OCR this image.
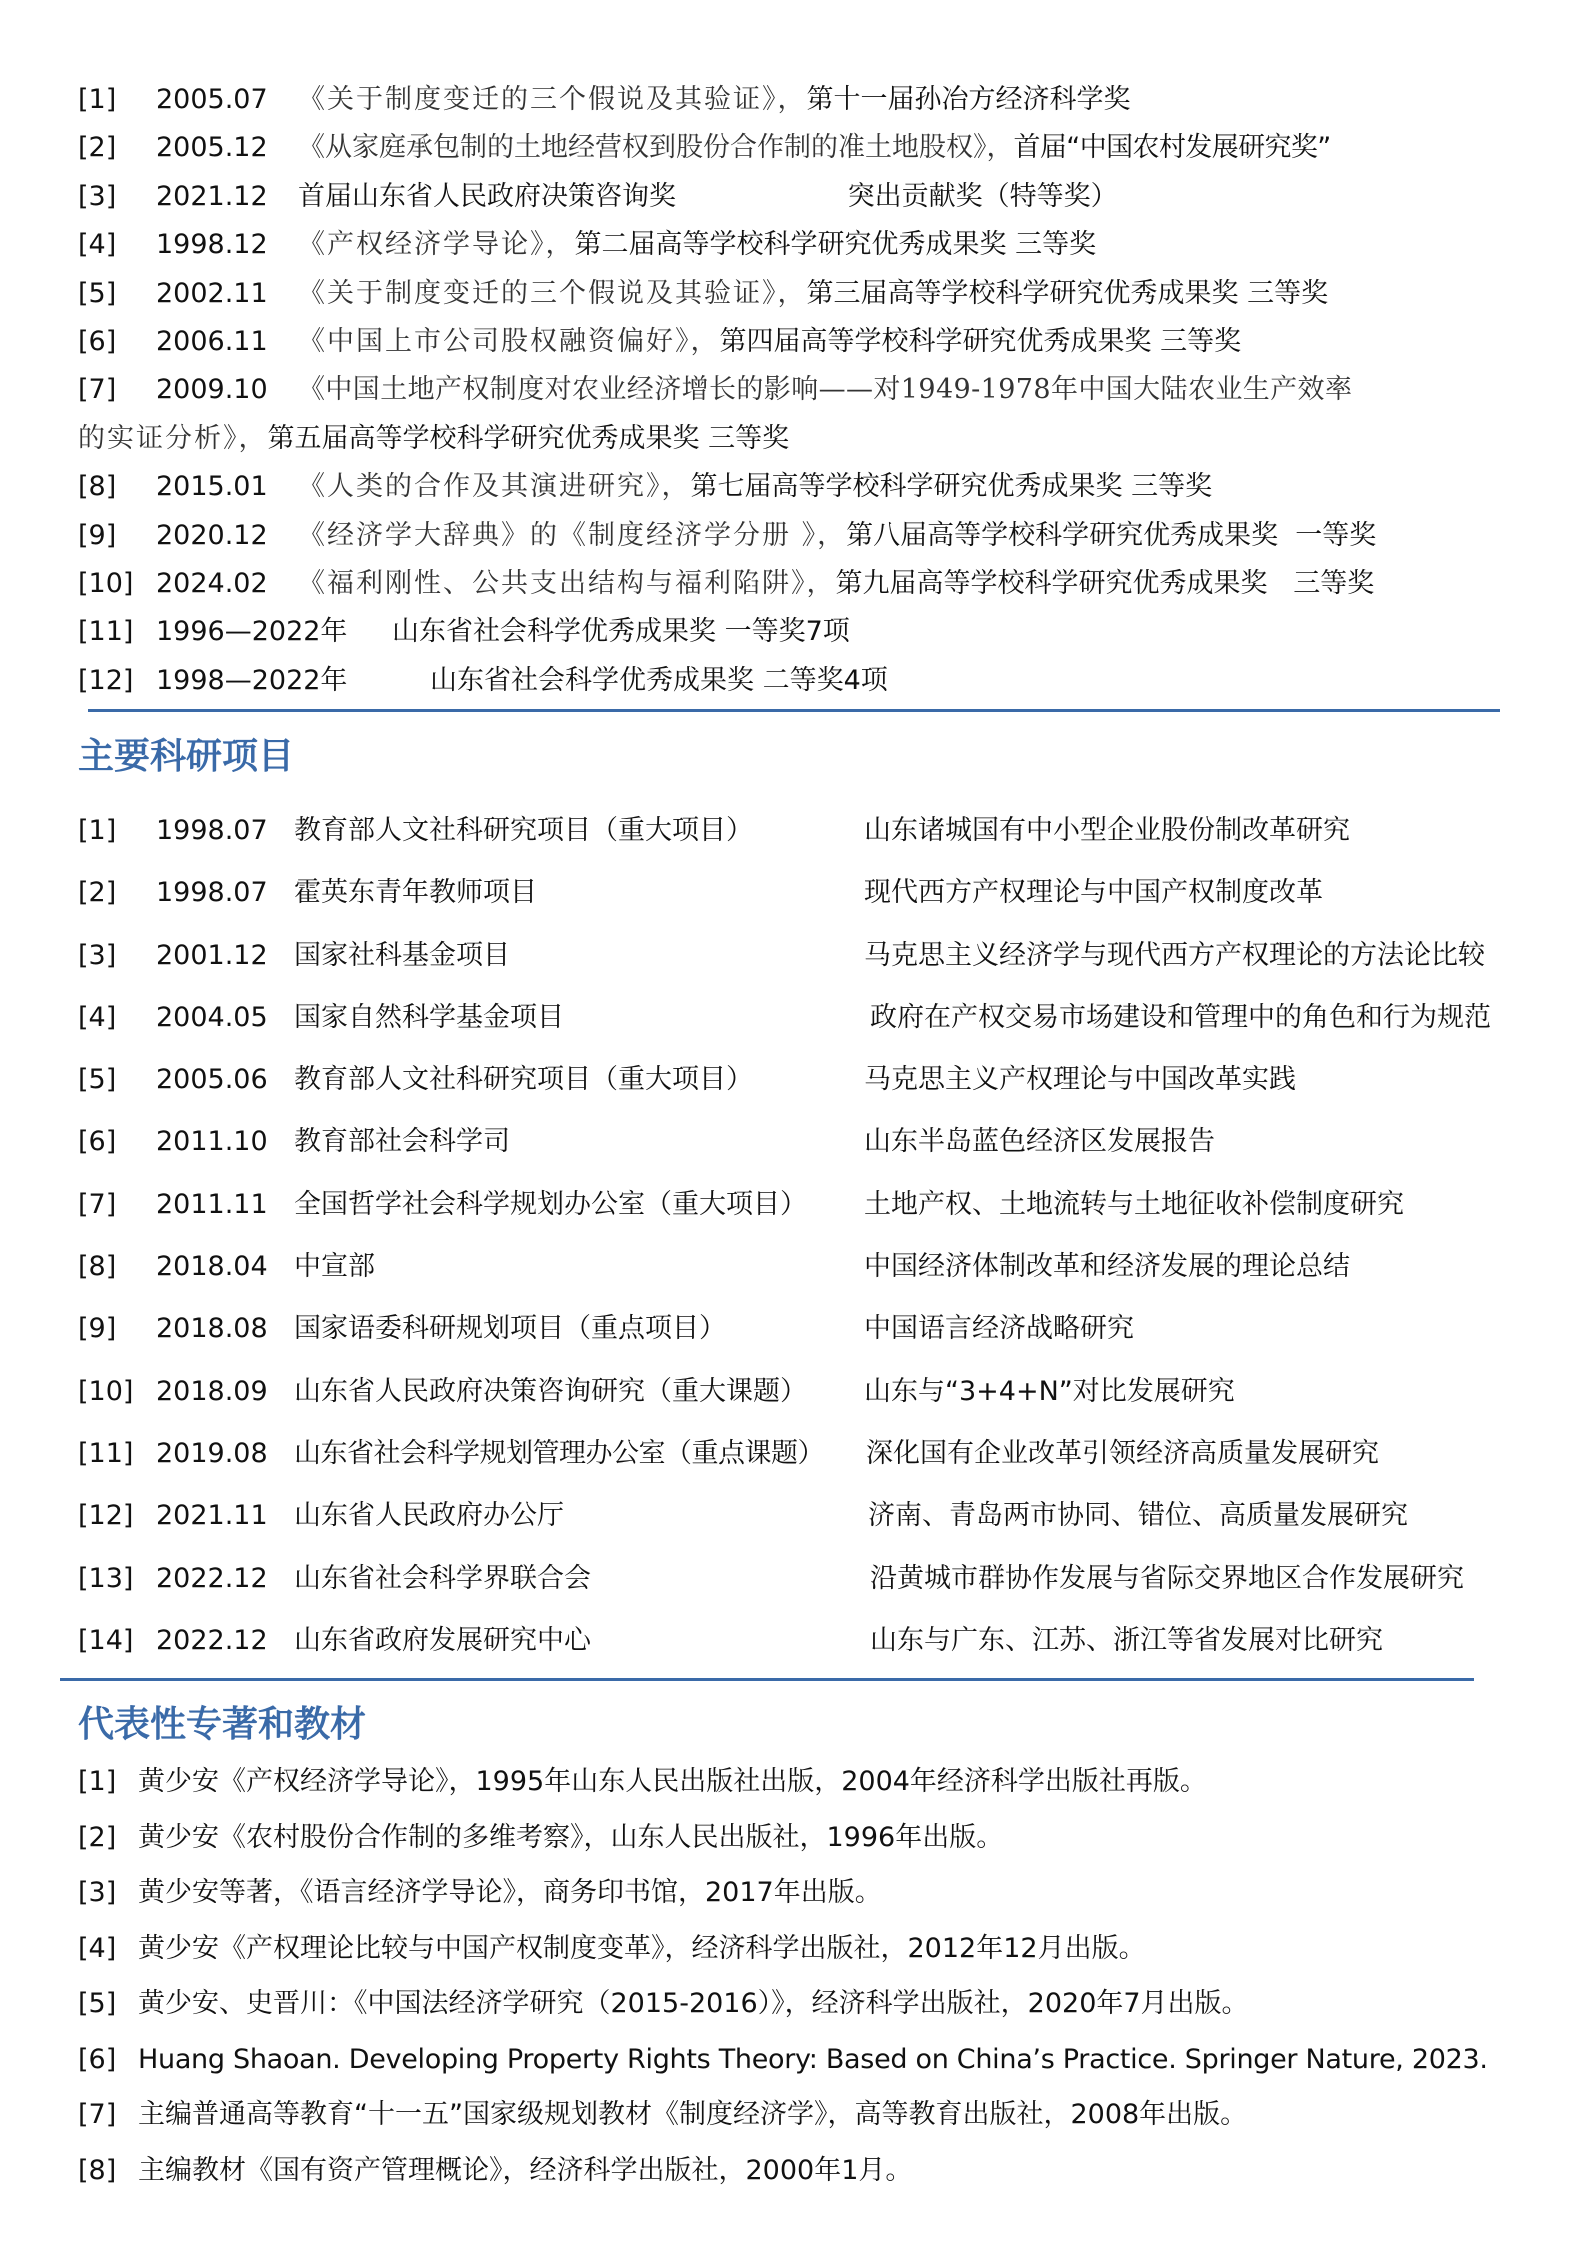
[1] 2005.07 《关于制度变迁的三个假说及其验证》，第十一届孙冶方经济科学奖
[2] 2005.12 《从家庭承包制的土地经营权到股份合作制的准土地股权》，首届“中国农村发展研究奖”
[3] 2021.12 首届山东省人民政府决策咨询奖                    突出贡献奖（特等奖）
[4] 1998.12 《产权经济学导论》，第二届高等学校科学研究优秀成果奖 三等奖
[5] 2002.11 《关于制度变迁的三个假说及其验证》，第三届高等学校科学研究优秀成果奖 三等奖
[6] 2006.11 《中国上市公司股权融资偏好》，第四届高等学校科学研究优秀成果奖 三等奖
[7] 2009.10 《中国土地产权制度对农业经济增长的影响——对1949-1978年中国大陆农业生产效率
的实证分析》，第五届高等学校科学研究优秀成果奖 三等奖
[8] 2015.01 《人类的合作及其演进研究》，第七届高等学校科学研究优秀成果奖 三等奖
[9] 2020.12 《经济学大辞典》的《制度经济学分册 》，第八届高等学校科学研究优秀成果奖  一等奖
[10] 2024.02 《福利刚性、公共支出结构与福利陷阱》，第九届高等学校科学研究优秀成果奖   三等奖
[11] 1996—2022年 山东省社会科学优秀成果奖 一等奖7项
[12] 1998—2022年	山东省社会科学优秀成果奖 二等奖4项
主要科研项目
[1] 1998.07 教育部人文社科研究项目（重大项目）	山东诸城国有中小型企业股份制改革研究
[2] 1998.07 霍英东青年教师项目	现代西方产权理论与中国产权制度改革
[3] 2001.12 国家社科基金项目	马克思主义经济学与现代西方产权理论的方法论比较
[4] 2004.05 国家自然科学基金项目	政府在产权交易市场建设和管理中的角色和行为规范
[5] 2005.06 教育部人文社科研究项目（重大项目）	马克思主义产权理论与中国改革实践
[6] 2011.10 教育部社会科学司	山东半岛蓝色经济区发展报告
[7] 2011.11 全国哲学社会科学规划办公室（重大项目） 土地产权、土地流转与土地征收补偿制度研究
[8] 2018.04 中宣部	中国经济体制改革和经济发展的理论总结
[9] 2018.08 国家语委科研规划项目（重点项目）	中国语言经济战略研究
[10] 2018.09 山东省人民政府决策咨询研究（重大课题） 山东与“3+4+N”对比发展研究
[11] 2019.08 山东省社会科学规划管理办公室（重点课题） 深化国有企业改革引领经济高质量发展研究
[12] 2021.11 山东省人民政府办公厅	济南、青岛两市协同、错位、高质量发展研究
[13] 2022.12 山东省社会科学界联合会	沿黄城市群协作发展与省际交界地区合作发展研究
[14] 2022.12 山东省政府发展研究中心	山东与广东、江苏、浙江等省发展对比研究
代表性专著和教材
[1] 黄少安《产权经济学导论》，1995年山东人民出版社出版，2004年经济科学出版社再版。
[2] 黄少安《农村股份合作制的多维考察》，山东人民出版社，1996年出版。
[3] 黄少安等著，《语言经济学导论》，商务印书馆，2017年出版。
[4] 黄少安《产权理论比较与中国产权制度变革》，经济科学出版社，2012年12月出版。
[5] 黄少安、史晋川：《中国法经济学研究（2015-2016）》，经济科学出版社，2020年7月出版。
[6] Huang Shaoan. Developing Property Rights Theory: Based on China’s Practice. Springer Nature, 2023.
[7] 主编普通高等教育“十一五”国家级规划教材《制度经济学》，高等教育出版社，2008年出版。
[8] 主编教材《国有资产管理概论》，经济科学出版社，2000年1月。
